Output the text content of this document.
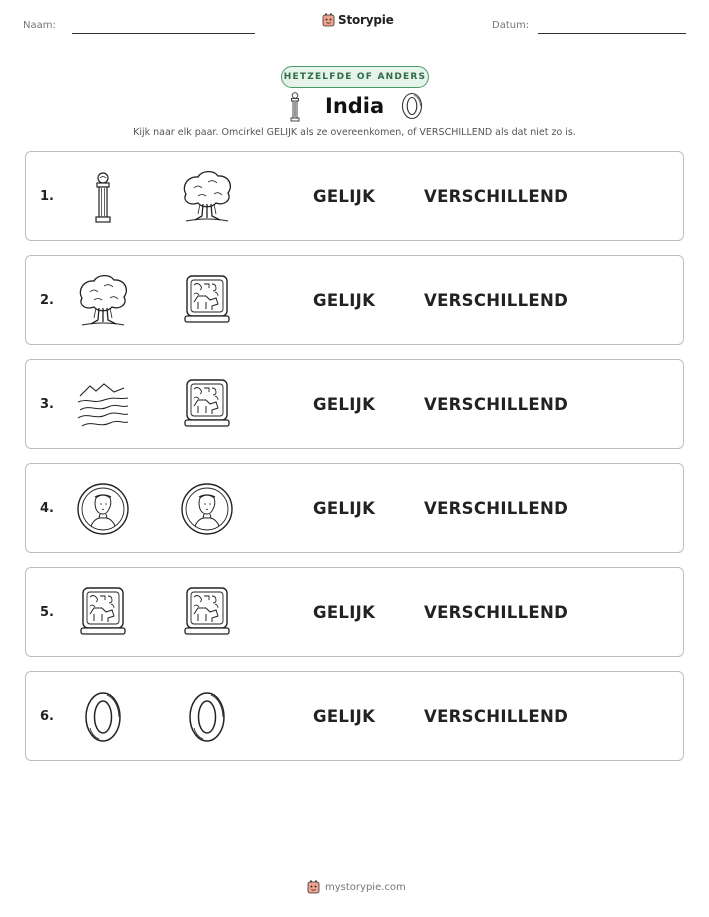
Naam:	Storypie	Datum:
HETZELFDE OF ANDERS
India
Kijk naar elk paar. Omcirkel GELIJK als ze overeenkomen, of VERSCHILLEND als dat niet zo is.
1.	GELIJK	VERSCHILLEND
2.	GELIJK	VERSCHILLEND
3.	GELIJK	VERSCHILLEND
4.	GELIJK	VERSCHILLEND
5.	GELIJK	VERSCHILLEND
6.	GELIJK	VERSCHILLEND
mystorypie.com
